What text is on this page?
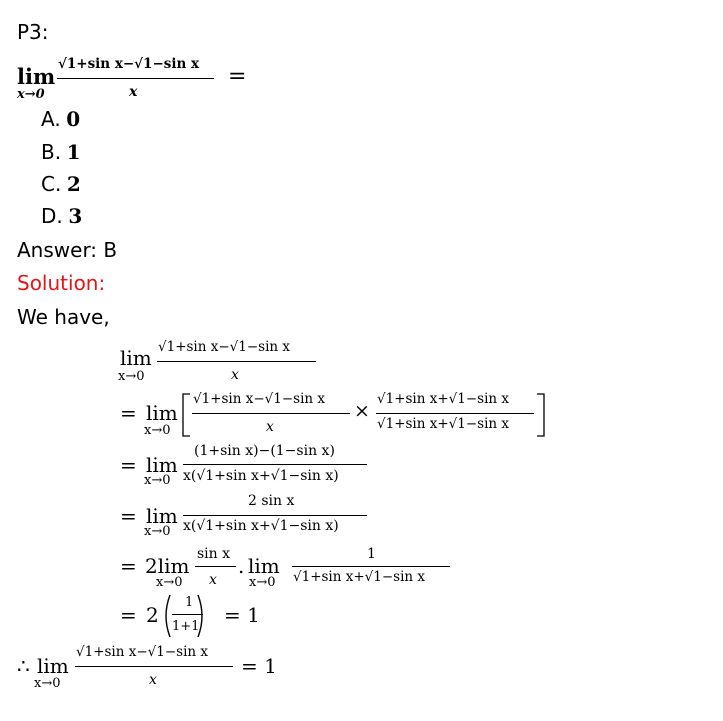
P3:
lim
x→0
√1+sin x−√1−sin x
x
=
A. 0
B. 1
C. 2
D. 3
Answer: B
Solution:
We have,
lim
x→0
√1+sin x−√1−sin x
x
= lim
x→0
√1+sin x−√1−sin x
x
×
√1+sin x+√1−sin x
√1+sin x+√1−sin x
= lim
x→0
(1+sin x)−(1−sin x)
x(√1+sin x+√1−sin x)
= lim
x→0
2 sin x
x(√1+sin x+√1−sin x)
= 2lim
x→0
sin x
x
. lim
x→0
1
√1+sin x+√1−sin x
= 2
1
1+1 = 1
∴ lim
x→0
√1+sin x−√1−sin x
x
= 1
